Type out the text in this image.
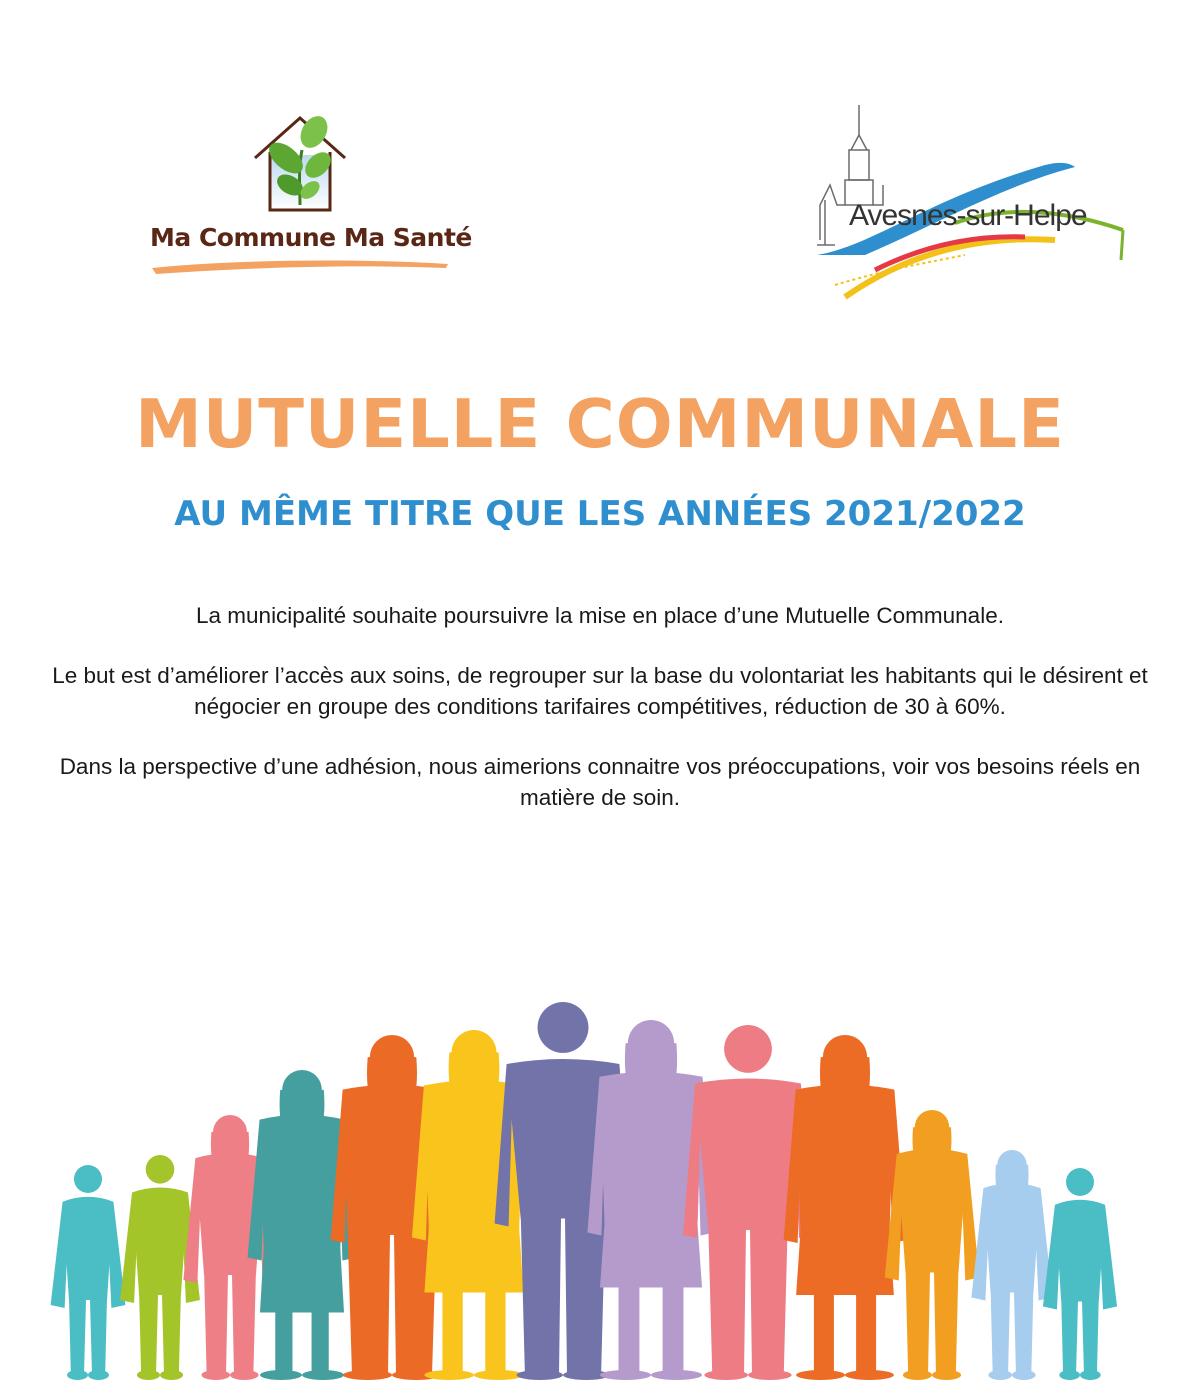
Ma Commune Ma Santé
Avesnes-sur-Helpe
MUTUELLE COMMUNALE
AU MÊME TITRE QUE LES ANNÉES 2021/2022

La municipalité souhaite poursuivre la mise en place d’une Mutuelle Communale.

Le but est d’améliorer l’accès aux soins, de regrouper sur la base du volontariat les habitants qui le désirent et négocier en groupe des conditions tarifaires compétitives, réduction de 30 à 60%.

Dans la perspective d’une adhésion, nous aimerions connaitre vos préoccupations, voir vos besoins réels en matière de soin.
